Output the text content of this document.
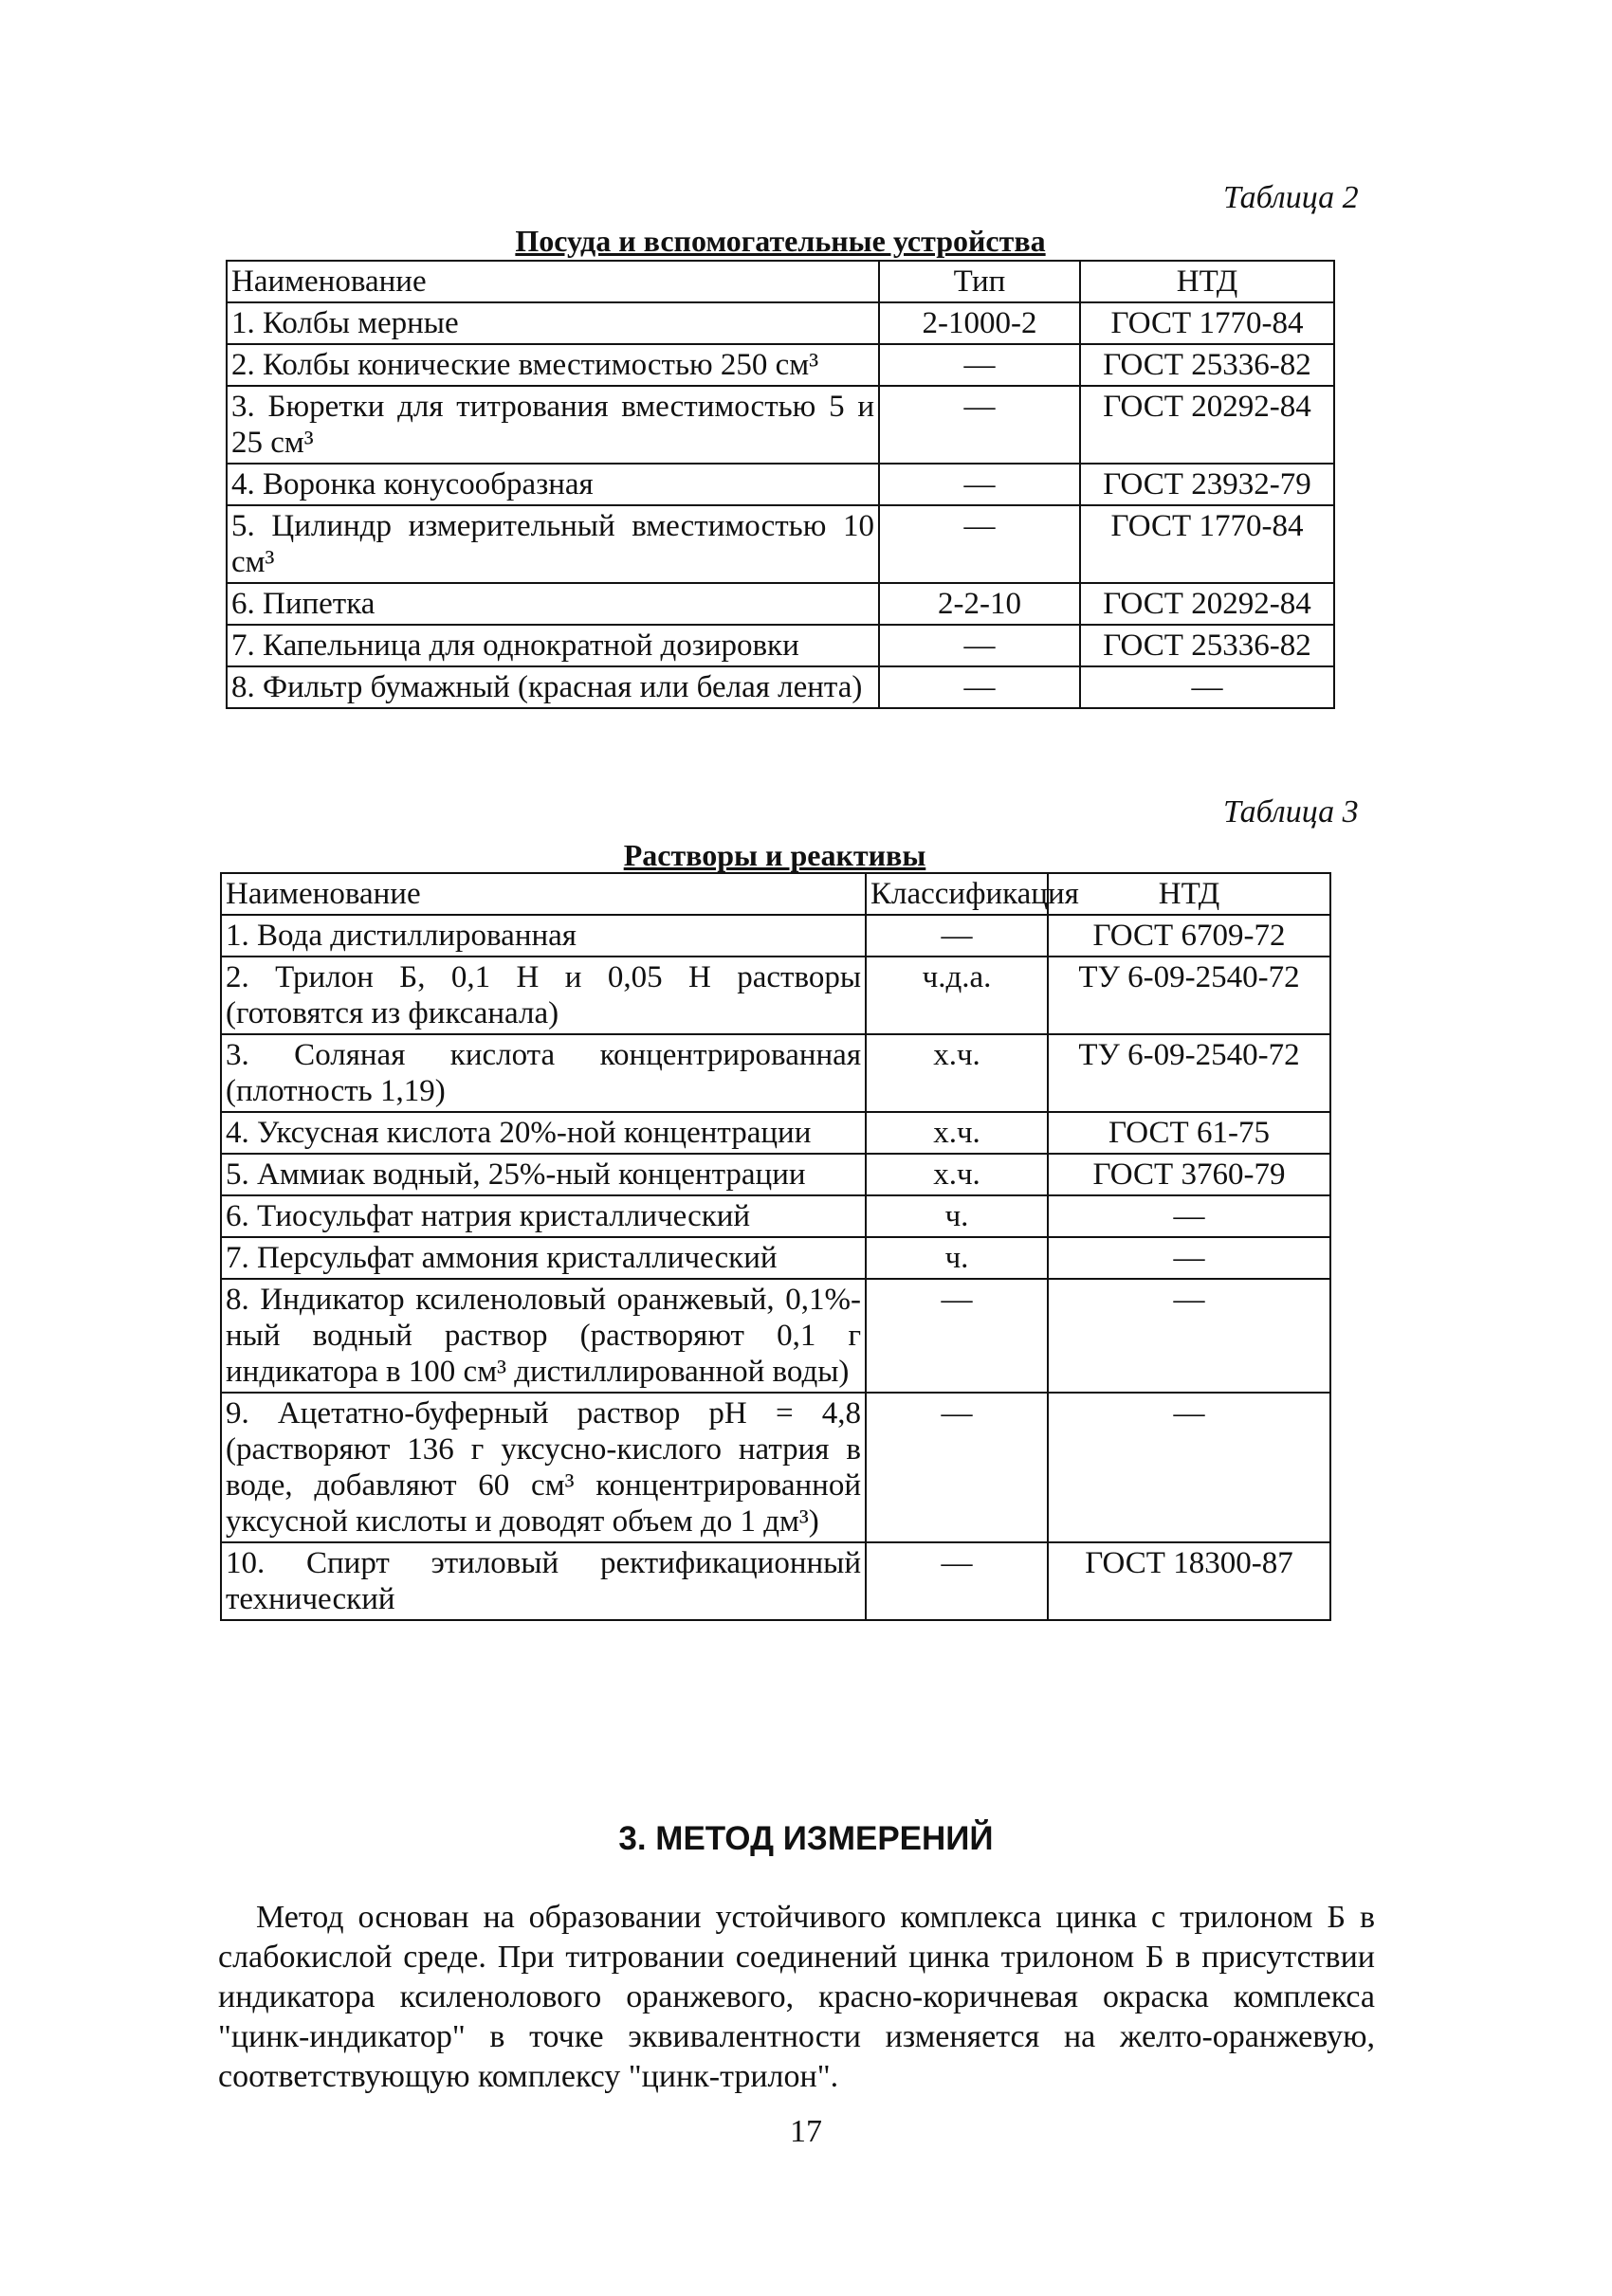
Таблица 2
Посуда и вспомогательные устройства
Наименование	Тип	НТД
1. Колбы мерные	2-1000-2	ГОСТ 1770-84
2. Колбы конические вместимостью 250 см³	—	ГОСТ 25336-82
3. Бюретки для титрования вместимостью 5 и 25 см³	—	ГОСТ 20292-84
4. Воронка конусообразная	—	ГОСТ 23932-79
5. Цилиндр измерительный вместимостью 10 см³	—	ГОСТ 1770-84
6. Пипетка	2-2-10	ГОСТ 20292-84
7. Капельница для однократной дозировки	—	ГОСТ 25336-82
8. Фильтр бумажный (красная или белая лента)	—	—
Таблица 3
Растворы и реактивы
Наименование	Классификация	НТД
1. Вода дистиллированная	—	ГОСТ 6709-72
2. Трилон Б, 0,1 Н и 0,05 Н растворы (готовятся из фиксанала)	ч.д.а.	ТУ 6-09-2540-72
3. Соляная кислота концентрированная (плотность 1,19)	х.ч.	ТУ 6-09-2540-72
4. Уксусная кислота 20%-ной концентрации	х.ч.	ГОСТ 61-75
5. Аммиак водный, 25%-ный концентрации	х.ч.	ГОСТ 3760-79
6. Тиосульфат натрия кристаллический	ч.	—
7. Персульфат аммония кристаллический	ч.	—
8. Индикатор ксиленоловый оранжевый, 0,1%-ный водный раствор (растворяют 0,1 г индикатора в 100 см³ дистиллированной воды)	—	—
9. Ацетатно-буферный раствор pH = 4,8 (растворяют 136 г уксусно-кислого натрия в воде, добавляют 60 см³ концентрированной уксусной кислоты и доводят объем до 1 дм³)	—	—
10. Спирт этиловый ректификационный технический	—	ГОСТ 18300-87
3. МЕТОД ИЗМЕРЕНИЙ
Метод основан на образовании устойчивого комплекса цинка с трилоном Б в слабокислой среде. При титровании соединений цинка трилоном Б в присутствии индикатора ксиленолового оранжевого, красно-коричневая окраска комплекса "цинк-индикатор" в точке эквивалентности изменяется на желто-оранжевую, соответствующую комплексу "цинк-трилон".
17
